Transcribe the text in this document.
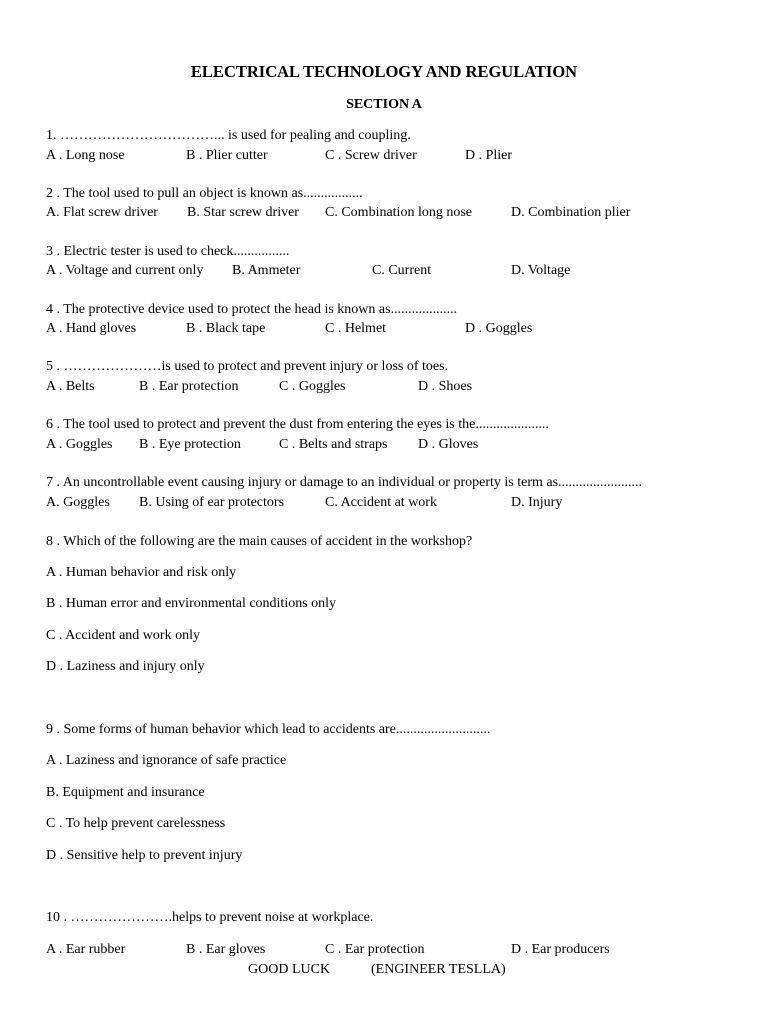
ELECTRICAL TECHNOLOGY AND REGULATION
SECTION A
1. ……………………………... is used for pealing and coupling.
A . Long nose	B . Plier cutter	C . Screw driver	D . Plier
2 . The tool used to pull an object is known as.................
A. Flat screw driver B. Star screw driver C. Combination long nose	D. Combination plier
3 . Electric tester is used to check................
A . Voltage and current only B. Ammeter	C. Current	D. Voltage
4 . The protective device used to protect the head is known as...................
A . Hand gloves	B . Black tape	C . Helmet	D . Goggles
5 . …………………is used to protect and prevent injury or loss of toes.
A . Belts	B . Ear protection	C . Goggles	D . Shoes
6 . The tool used to protect and prevent the dust from entering the eyes is the.....................
A . Goggles B . Eye protection	C . Belts and straps D . Gloves
7 . An uncontrollable event causing injury or damage to an individual or property is term as........................
A. Goggles B. Using of ear protectors	C. Accident at work	D. Injury
8 . Which of the following are the main causes of accident in the workshop?
A . Human behavior and risk only
B . Human error and environmental conditions only
C . Accident and work only
D . Laziness and injury only
9 . Some forms of human behavior which lead to accidents are...........................
A . Laziness and ignorance of safe practice
B. Equipment and insurance
C . To help prevent carelessness
D . Sensitive help to prevent injury
10 . ………………….helps to prevent noise at workplace.
A . Ear rubber	B . Ear gloves	C . Ear protection	D . Ear producers
GOOD LUCK	(ENGINEER TESLLA)
